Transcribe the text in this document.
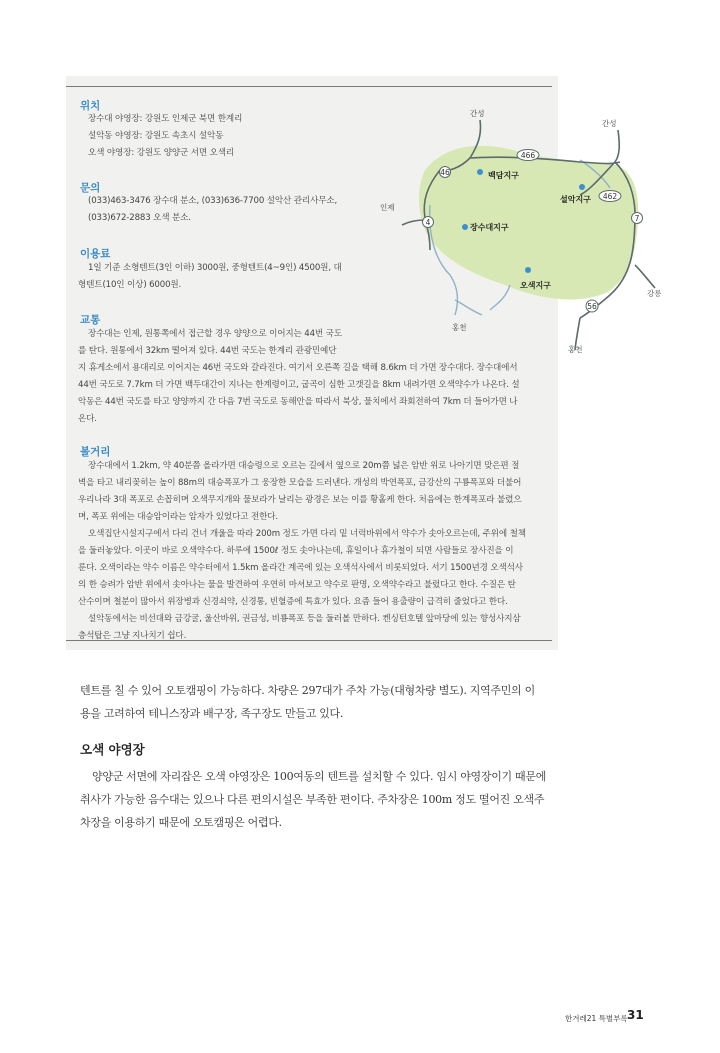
위치
장수대 야영장: 강원도 인제군 북면 한계리
설악동 야영장: 강원도 속초시 설악동
오색 야영장: 강원도 양양군 서면 오색리
문의
(033)463-3476 장수대 분소, (033)636-7700 설악산 관리사무소,
(033)672-2883 오색 분소.
이용료
1일 기준 소형텐트(3인 이하) 3000원, 중형텐트(4~9인) 4500원, 대
형텐트(10인 이상) 6000원.
교통
장수대는 인제, 원통쪽에서 접근할 경우 양양으로 이어지는 44번 국도
를 탄다. 원통에서 32km 떨어져 있다. 44번 국도는 한계리 관광민예단
지 휴게소에서 용대리로 이어지는 46번 국도와 갈라진다. 여기서 오른쪽 길을 택해 8.6km 더 가면 장수대다. 장수대에서
44번 국도로 7.7km 더 가면 백두대간이 지나는 한계령이고, 굽곡이 심한 고갯길을 8km 내려가면 오색약수가 나온다. 설
악동은 44번 국도를 타고 양양까지 간 다음 7번 국도로 동해안을 따라서 북상, 물치에서 좌회전하여 7km 더 들어가면 나
온다.
볼거리
장수대에서 1.2km, 약 40분쯤 올라가면 대승령으로 오르는 길에서 옆으로 20m쯤 넓은 암반 위로 나아기면 맞은편 절
벽을 타고 내리꽂히는 높이 88m의 대승폭포가 그 웅장한 모습을 드러낸다. 개성의 박연폭포, 금강산의 구룡폭포와 더불어
우리나라 3대 폭포로 손꼽히며 오색무지개와 물보라가 날리는 광경은 보는 이를 황홀케 한다. 처음에는 한계폭포라 불렸으
며, 폭포 위에는 대승암이라는 암자가 있었다고 전한다.
오색집단시설지구에서 다리 건너 개울을 따라 200m 정도 가면 다리 밑 너럭바위에서 약수가 솟아오르는데, 주위에 철책
을 둘러놓았다. 이곳이 바로 오색약수다. 하루에 1500ℓ 정도 솟아나는데, 휴일이나 휴가철이 되면 사람들로 장사진을 이
룬다. 오색이라는 약수 이름은 약수터에서 1.5km 올라간 계곡에 있는 오색석사에서 비롯되었다. 서기 1500년경 오색석사
의 한 승려가 암반 위에서 솟아나는 물을 발견하여 우연히 마셔보고 약수로 판명, 오색약수라고 불렀다고 한다. 수질은 탄
산수이며 철분이 많아서 위장병과 신경쇠약, 신경통, 빈혈증에 특효가 있다. 요즘 들어 용출량이 급격히 줄었다고 한다.
설악동에서는 비선대와 금강굴, 울산바위, 권금성, 비룡폭포 등을 둘러볼 만하다. 켄싱턴호텔 앞마당에 있는 향성사지삼
층석탑은 그냥 지나치기 쉽다.
466
46
462
4	7
56
백담지구
설악지구
장수대지구
오색지구
간성
간성
인제
강릉
홍천
홍천
텐트를 칠 수 있어 오토캠핑이 가능하다. 차량은 297대가 주차 가능(대형차량 별도). 지역주민의 이
용을 고려하여 테니스장과 배구장, 족구장도 만들고 있다.
오색 야영장
양양군 서면에 자리잡은 오색 야영장은 100여동의 텐트를 설치할 수 있다. 임시 야영장이기 때문에
취사가 가능한 음수대는 있으나 다른 편의시설은 부족한 편이다. 주차장은 100m 정도 떨어진 오색주
차장을 이용하기 때문에 오토캠핑은 어렵다.
한겨레21 특별부록 31
